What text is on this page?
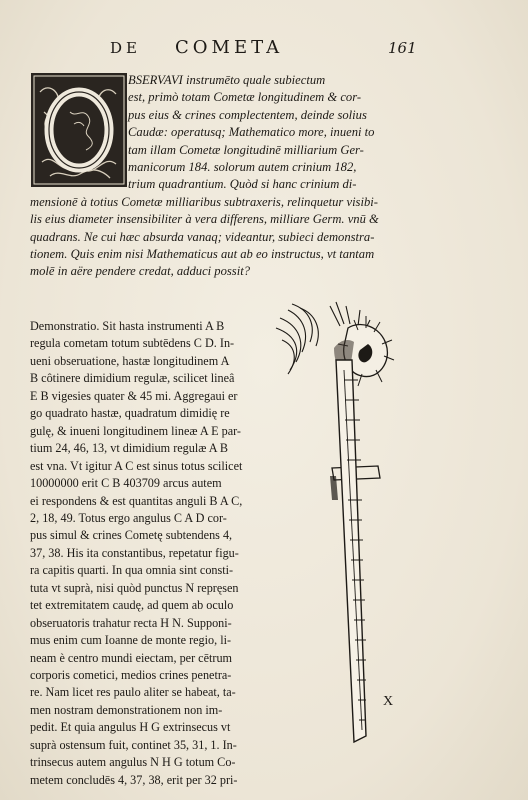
DE COMETA	161
BSERVAVI instrumēto quale subiectum
est, primò totam Cometæ longitudinem & cor-
pus eius & crines complectentem, deinde solius
Caudæ: operatusq; Mathematico more, inueni to
tam illam Cometæ longitudinē milliarium Ger-
manicorum 184. solorum autem crinium 182,
trium quadrantium. Quòd si hanc crinium di-
mensionē à totius Cometæ milliaribus subtraxeris, relinquetur visibi-
lis eius diameter insensibiliter à vera differens, milliare Germ. vnū &
quadrans. Ne cui hæc absurda vanaq; videantur, subieci demonstra-
tionem. Quis enim nisi Mathematicus aut ab eo instructus, vt tantam
molē in aëre pendere credat, adduci possit?
Demonstratio. Sit hasta instrumenti A B
regula cometam totum subtēdens C D. In-
ueni obseruatione, hastæ longitudinem A
B côtinere dimidium regulæ, scilicet lineâ
E B vigesies quater & 45 mi. Aggregaui er
go quadrato hastæ, quadratum dimidię re
gulę, & inueni longitudinem lineæ A E par-
tium 24, 46, 13, vt dimidium regulæ A B
est vna. Vt igitur A C est sinus totus scilicet
10000000 erit C B 403709 arcus autem
ei respondens & est quantitas anguli B A C,
2, 18, 49. Totus ergo angulus C A D cor-
pus simul & crines Cometę subtendens 4,
37, 38. His ita constantibus, repetatur figu-
ra capitis quarti. In qua omnia sint consti-
tuta vt suprà, nisi quòd punctus N repręsen
tet extremitatem caudę, ad quem ab oculo
obseruatoris trahatur recta H N. Supponi-
mus enim cum Ioanne de monte regio, li-
neam è centro mundi eiectam, per cētrum
corporis cometici, medios crines penetra-
re. Nam licet res paulo aliter se habeat, ta-
men nostram demonstrationem non im-
pedit. Et quia angulus H G extrinsecus vt
suprà ostensum fuit, continet 35, 31, 1. In-
trinsecus autem angulus N H G totum Co-
metem concludēs 4, 37, 38, erit per 32 pri-
X
